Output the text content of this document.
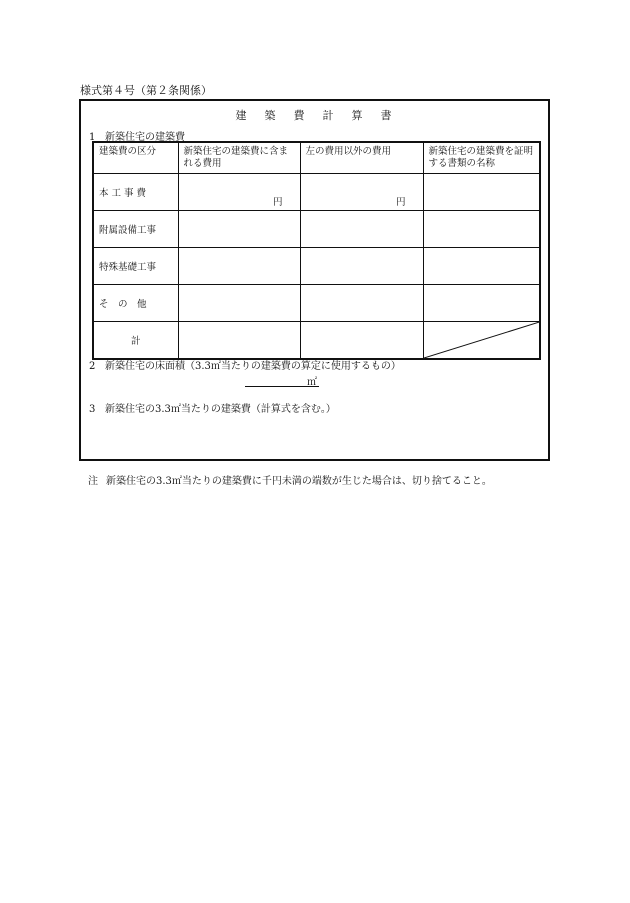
様式第４号（第２条関係）
建 築 費 計 算 書
1 新築住宅の建築費
建築費の区分	新築住宅の建築費に含まれる費用	左の費用以外の費用	新築住宅の建築費を証明する書類の名称
本 工 事 費	円	円	

附属設備工事			
特殊基礎工事			
そ　の　他			
計			
2 新築住宅の床面積（3.3㎡当たりの建築費の算定に使用するもの）
㎡
3 新築住宅の3.3㎡当たりの建築費（計算式を含む。）
注 新築住宅の3.3㎡当たりの建築費に千円未満の端数が生じた場合は、切り捨てること。
